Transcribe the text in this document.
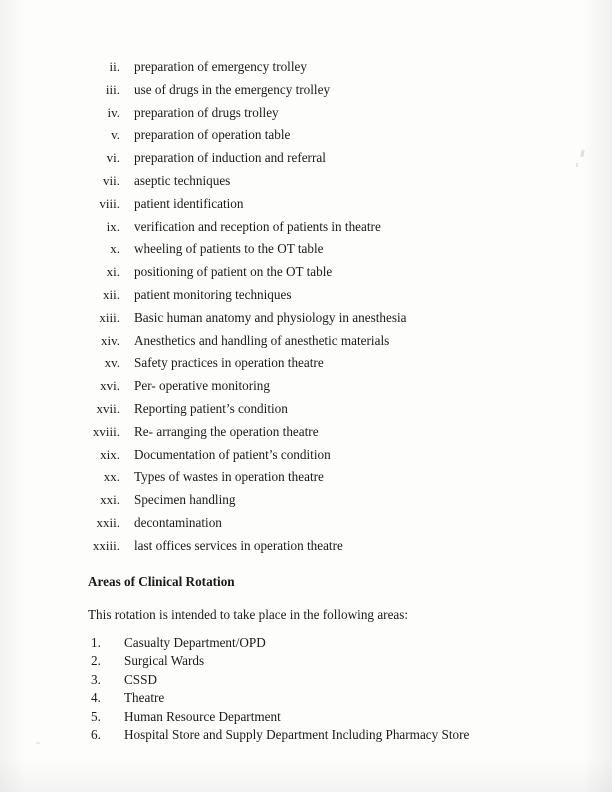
ii.	preparation of emergency trolley
iii.	use of drugs in the emergency trolley
iv.	preparation of drugs trolley
v.	preparation of operation table
vi.	preparation of induction and referral
vii.	aseptic techniques
viii.	patient identification
ix.	verification and reception of patients in theatre
x.	wheeling of patients to the OT table
xi.	positioning of patient on the OT table
xii.	patient monitoring techniques
xiii.	Basic human anatomy and physiology in anesthesia
xiv.	Anesthetics and handling of anesthetic materials
xv.	Safety practices in operation theatre
xvi.	Per- operative monitoring
xvii.	Reporting patient’s condition
xviii.	Re- arranging the operation theatre
xix.	Documentation of patient’s condition
xx.	Types of wastes in operation theatre
xxi.	Specimen handling
xxii.	decontamination
xxiii.	last offices services in operation theatre
Areas of Clinical Rotation
This rotation is intended to take place in the following areas:
1.	Casualty Department/OPD
2.	Surgical Wards
3.	CSSD
4.	Theatre
5.	Human Resource Department
6.	Hospital Store and Supply Department Including Pharmacy Store
